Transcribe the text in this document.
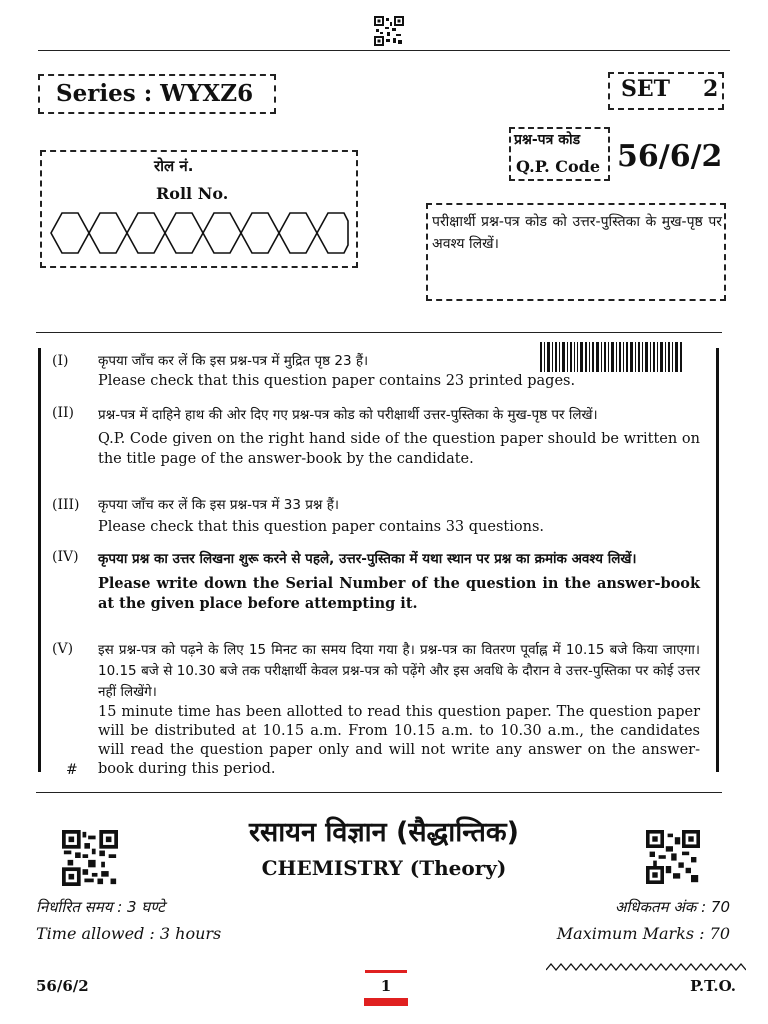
Series : WYXZ6	SET 2
प्रश्न-पत्र कोड
Q.P. Code 56/6/2
रोल नं.
Roll No.
परीक्षार्थी प्रश्न-पत्र कोड को उत्तर-पुस्तिका के मुख-पृष्ठ पर अवश्य लिखें।
(I)	कृपया जाँच कर लें कि इस प्रश्न-पत्र में मुद्रित पृष्ठ 23 हैं।
Please check that this question paper contains 23 printed pages.
(II)	प्रश्न-पत्र में दाहिने हाथ की ओर दिए गए प्रश्न-पत्र कोड को परीक्षार्थी उत्तर-पुस्तिका के मुख-पृष्ठ पर लिखें।
Q.P. Code given on the right hand side of the question paper should be written on the title page of the answer-book by the candidate.
(III)	कृपया जाँच कर लें कि इस प्रश्न-पत्र में 33 प्रश्न हैं।
Please check that this question paper contains 33 questions.
(IV)	कृपया प्रश्न का उत्तर लिखना शुरू करने से पहले, उत्तर-पुस्तिका में यथा स्थान पर प्रश्न का क्रमांक अवश्य लिखें।
Please write down the Serial Number of the question in the answer-book at the given place before attempting it.
(V)	इस प्रश्न-पत्र को पढ़ने के लिए 15 मिनट का समय दिया गया है। प्रश्न-पत्र का वितरण पूर्वाह्न में 10.15 बजे किया जाएगा। 10.15 बजे से 10.30 बजे तक परीक्षार्थी केवल प्रश्न-पत्र को पढ़ेंगे और इस अवधि के दौरान वे उत्तर-पुस्तिका पर कोई उत्तर नहीं लिखेंगे।
15 minute time has been allotted to read this question paper. The question paper will be distributed at 10.15 a.m. From 10.15 a.m. to 10.30 a.m., the candidates will read the question paper only and will not write any answer on the answer-book during this period.
#
रसायन विज्ञान (सैद्धान्तिक)
CHEMISTRY (Theory)
निर्धारित समय : 3 घण्टे
Time allowed : 3 hours
अधिकतम अंक : 70
Maximum Marks : 70
56/6/2	1	P.T.O.
